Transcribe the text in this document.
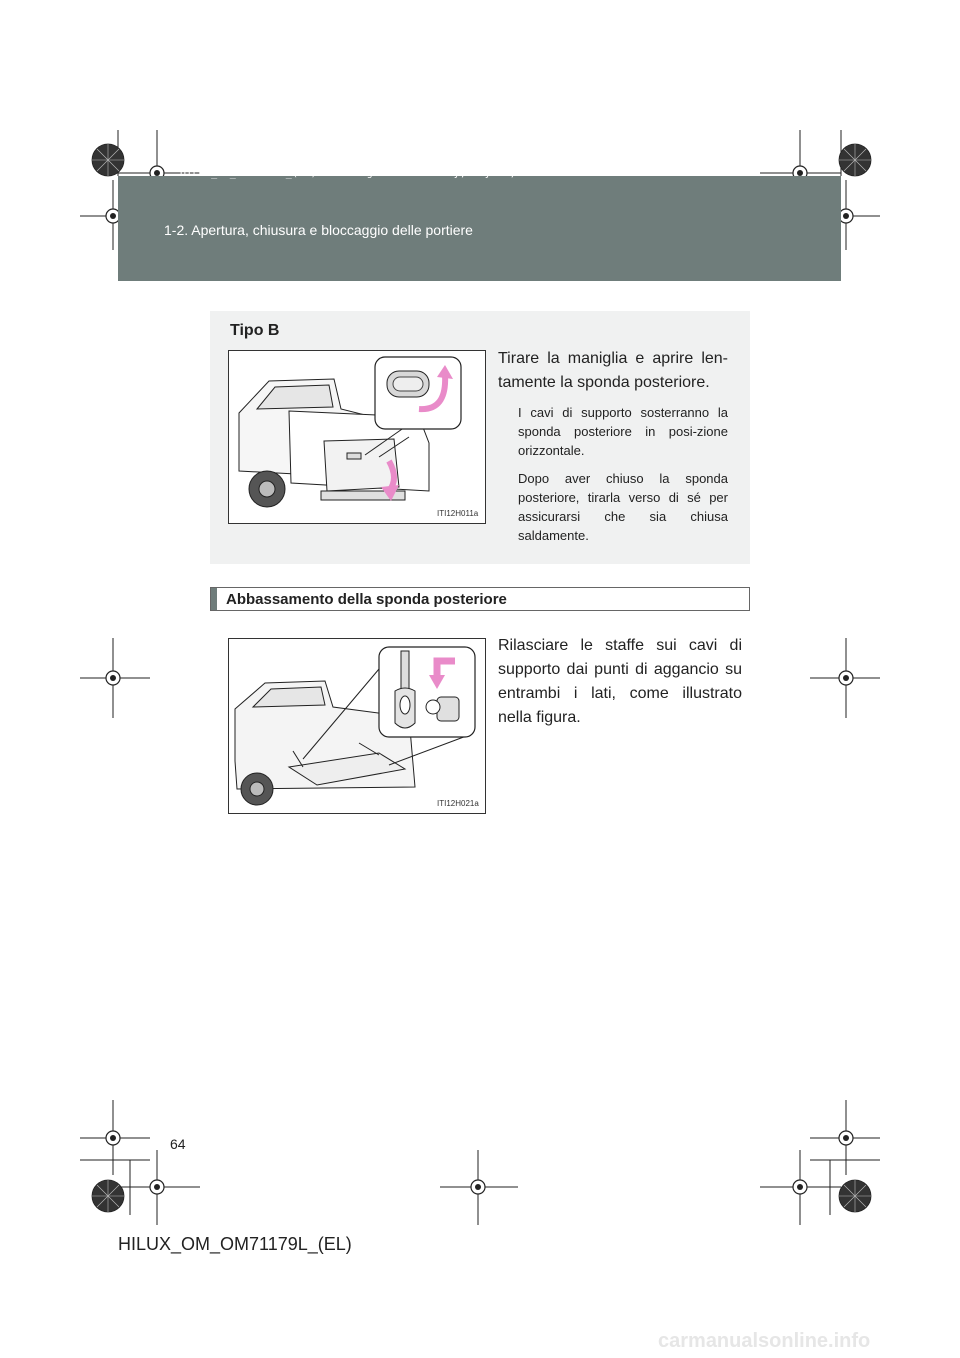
HILUX_OM_OM71179L_(EL).book Page 64 Wednesday, May 16, 2012 11:37 AM
1-2. Apertura, chiusura e bloccaggio delle portiere
Tipo B
ITI12H011a
Tirare la maniglia e aprire len-tamente la sponda posteriore.
I cavi di supporto sosterranno la sponda posteriore in posi-zione orizzontale.
Dopo aver chiuso la sponda posteriore, tirarla verso di sé per assicurarsi che sia chiusa saldamente.
Abbassamento della sponda posteriore
ITI12H021a
Rilasciare le staffe sui cavi di supporto dai punti di aggancio su entrambi i lati, come illustrato nella figura.
64
HILUX_OM_OM71179L_(EL)
carmanualsonline.info
